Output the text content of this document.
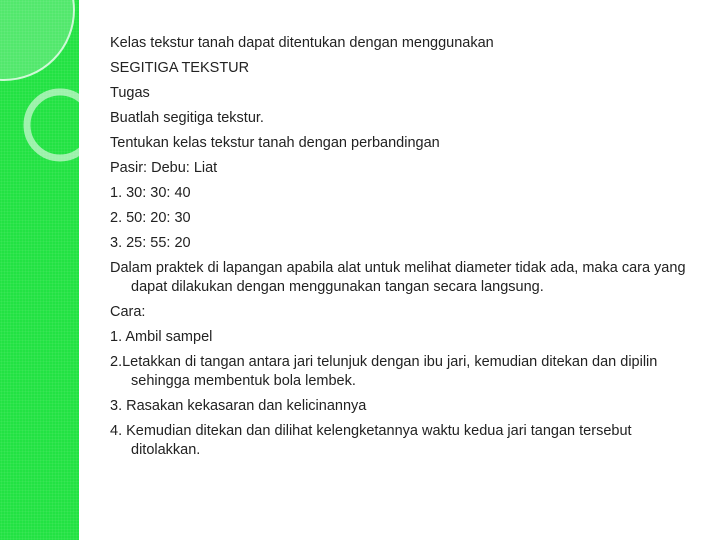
Kelas tekstur tanah dapat ditentukan dengan menggunakan

SEGITIGA TEKSTUR

Tugas

Buatlah segitiga tekstur.

Tentukan kelas tekstur tanah dengan perbandingan

Pasir: Debu: Liat

1. 30: 30: 40

2. 50: 20: 30

3. 25: 55: 20

Dalam praktek di lapangan apabila alat untuk melihat diameter tidak ada, maka cara yang dapat dilakukan dengan menggunakan tangan secara langsung.

Cara:

1. Ambil sampel

2.Letakkan di tangan antara jari telunjuk dengan ibu jari, kemudian ditekan dan dipilin sehingga membentuk bola lembek.

3. Rasakan kekasaran dan kelicinannya

4. Kemudian ditekan dan dilihat kelengketannya waktu kedua jari tangan tersebut ditolakkan.
